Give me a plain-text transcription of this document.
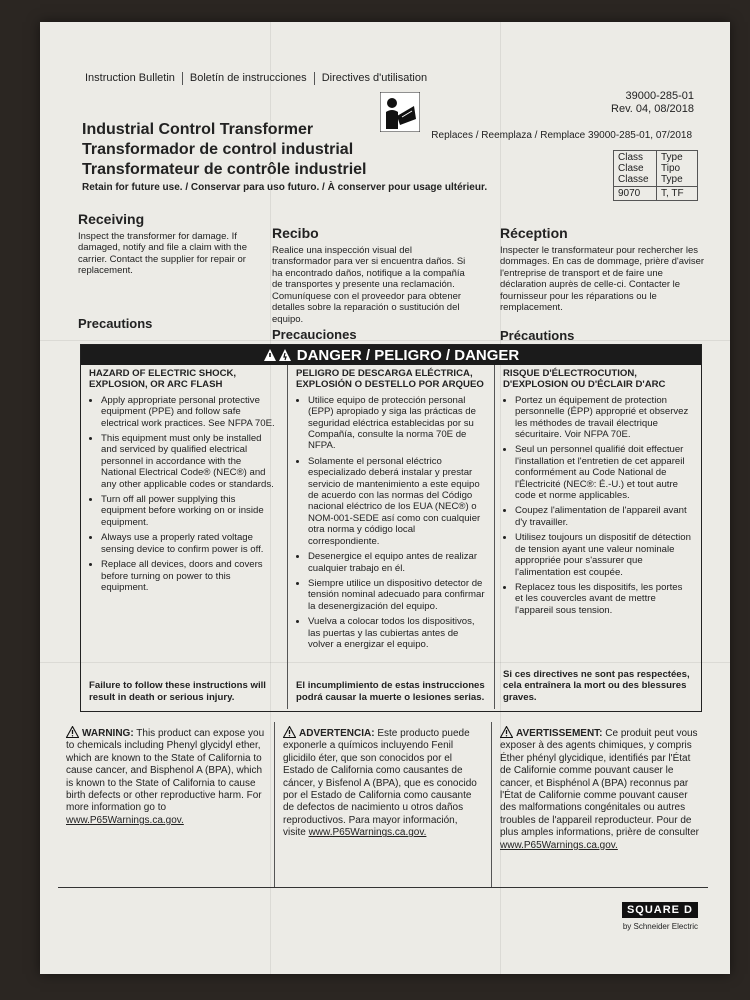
Instruction Bulletin	Boletín de instrucciones	Directives d'utilisation
39000-285-01
Rev. 04, 08/2018
Industrial Control Transformer
Transformador de control industrial
Transformateur de contrôle industriel
Replaces / Reemplaza / Remplace 39000-285-01, 07/2018
Retain for future use. / Conservar para uso futuro. / À conserver pour usage ultérieur.
Class Clase Classe	Type Tipo Type
9070	T, TF
Receiving

Inspect the transformer for damage. If damaged, notify and file a claim with the carrier. Contact the supplier for repair or replacement.

Recibo

Realice una inspección visual del transformador para ver si encuentra daños. Si ha encontrado daños, notifique a la compañía de transportes y presente una reclamación. Comuníquese con el proveedor para obtener detalles sobre la reparación o sustitución del equipo.

Réception

Inspecter le transformateur pour rechercher les dommages. En cas de dommage, prière d'aviser l'entreprise de transport et de faire une déclaration auprès de celle-ci. Contacter le fournisseur pour les réparations ou le remplacement.

Precautions
Precauciones	Précautions
DANGER / PELIGRO / DANGER
HAZARD OF ELECTRIC SHOCK, EXPLOSION, OR ARC FLASH
• Apply appropriate personal protective equipment (PPE) and follow safe electrical work practices. See NFPA 70E.
• This equipment must only be installed and serviced by qualified electrical personnel in accordance with the National Electrical Code® (NEC®) and any other applicable codes or standards.
• Turn off all power supplying this equipment before working on or inside equipment.
• Always use a properly rated voltage sensing device to confirm power is off.
• Replace all devices, doors and covers before turning on power to this equipment.
Failure to follow these instructions will result in death or serious injury.
PELIGRO DE DESCARGA ELÉCTRICA, EXPLOSIÓN O DESTELLO POR ARQUEO
• Utilice equipo de protección personal (EPP) apropiado y siga las prácticas de seguridad eléctrica establecidas por su Compañía, consulte la norma 70E de NFPA.
• Solamente el personal eléctrico especializado deberá instalar y prestar servicio de mantenimiento a este equipo de acuerdo con las normas del Código nacional eléctrico de los EUA (NEC®) o NOM-001-SEDE así como con cualquier otra norma y código local correspondiente.
• Desenergice el equipo antes de realizar cualquier trabajo en él.
• Siempre utilice un dispositivo detector de tensión nominal adecuado para confirmar la desenergización del equipo.
• Vuelva a colocar todos los dispositivos, las puertas y las cubiertas antes de volver a energizar el equipo.
El incumplimiento de estas instrucciones podrá causar la muerte o lesiones serias.
RISQUE D'ÉLECTROCUTION, D'EXPLOSION OU D'ÉCLAIR D'ARC
• Portez un équipement de protection personnelle (ÉPP) approprié et observez les méthodes de travail électrique sécuritaire. Voir NFPA 70E.
• Seul un personnel qualifié doit effectuer l'installation et l'entretien de cet appareil conformément au Code National de l'Électricité (NEC®: É.-U.) et tout autre code et norme applicables.
• Coupez l'alimentation de l'appareil avant d'y travailler.
• Utilisez toujours un dispositif de détection de tension ayant une valeur nominale appropriée pour s'assurer que l'alimentation est coupée.
• Replacez tous les dispositifs, les portes et les couvercles avant de mettre l'appareil sous tension.
Si ces directives ne sont pas respectées, cela entraînera la mort ou des blessures graves.
WARNING: This product can expose you to chemicals including Phenyl glycidyl ether, which are known to the State of California to cause cancer, and Bisphenol A (BPA), which is known to the State of California to cause birth defects or other reproductive harm. For more information go to www.P65Warnings.ca.gov.
ADVERTENCIA: Este producto puede exponerle a químicos incluyendo Fenil glicidilo éter, que son conocidos por el Estado de California como causantes de cáncer, y Bisfenol A (BPA), que es conocido por el Estado de California como causante de defectos de nacimiento u otros daños reproductivos. Para mayor información, visite www.P65Warnings.ca.gov.
AVERTISSEMENT: Ce produit peut vous exposer à des agents chimiques, y compris Éther phényl glycidique, identifiés par l'État de Californie comme pouvant causer le cancer, et Bisphénol A (BPA) reconnus par l'État de Californie comme pouvant causer des malformations congénitales ou autres troubles de l'appareil reproducteur. Pour de plus amples informations, prière de consulter www.P65Warnings.ca.gov.
SQUARE D
by Schneider Electric
